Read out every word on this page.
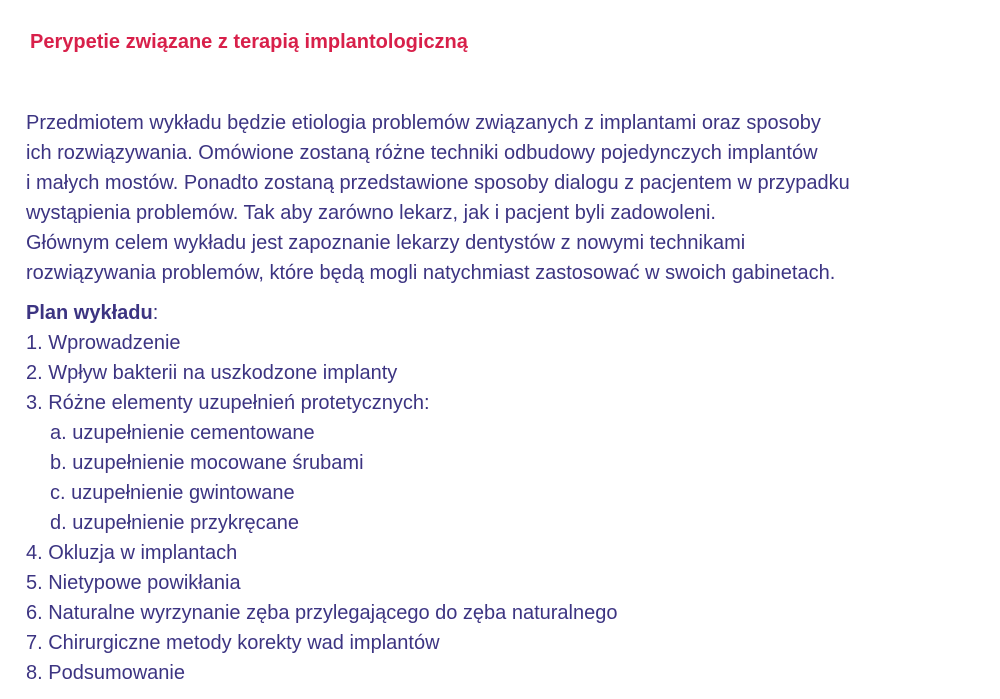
Perypetie związane z terapią implantologiczną
Przedmiotem wykładu będzie etiologia problemów związanych z implantami oraz sposoby
ich rozwiązywania. Omówione zostaną różne techniki odbudowy pojedynczych implantów
i małych mostów. Ponadto zostaną przedstawione sposoby dialogu z pacjentem w przypadku
wystąpienia problemów. Tak aby zarówno lekarz, jak i pacjent byli zadowoleni.
Głównym celem wykładu jest zapoznanie lekarzy dentystów z nowymi technikami
rozwiązywania problemów, które będą mogli natychmiast zastosować w swoich gabinetach.
Plan wykładu:
1. Wprowadzenie
2. Wpływ bakterii na uszkodzone implanty
3. Różne elementy uzupełnień protetycznych:
a. uzupełnienie cementowane
b. uzupełnienie mocowane śrubami
c. uzupełnienie gwintowane
d. uzupełnienie przykręcane
4. Okluzja w implantach
5. Nietypowe powikłania
6. Naturalne wyrzynanie zęba przylegającego do zęba naturalnego
7. Chirurgiczne metody korekty wad implantów
8. Podsumowanie
